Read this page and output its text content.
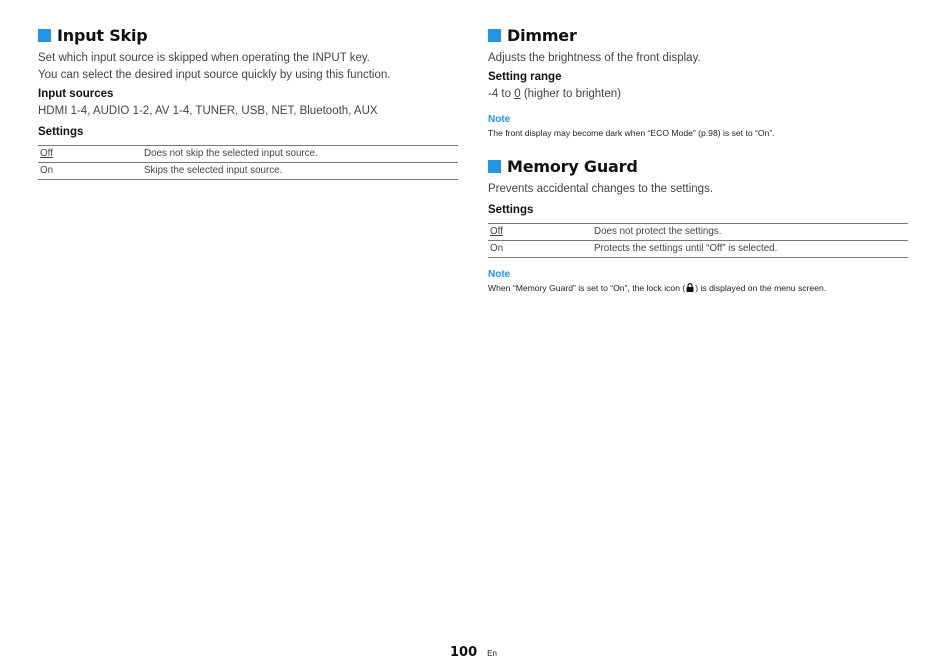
Input Skip

Set which input source is skipped when operating the INPUT key.

You can select the desired input source quickly by using this function.

Input sources

HDMI 1-4, AUDIO 1-2, AV 1-4, TUNER, USB, NET, Bluetooth, AUX

Settings
Off	Does not skip the selected input source.
On	Skips the selected input source.
Dimmer

Adjusts the brightness of the front display.

Setting range

-4 to 0 (higher to brighten)

Note

The front display may become dark when “ECO Mode” (p.98) is set to “On”.

Memory Guard

Prevents accidental changes to the settings.

Settings
Off	Does not protect the settings.
On	Protects the settings until “Off” is selected.
Note

When “Memory Guard” is set to “On”, the lock icon ( ) is displayed on the menu screen.

100 En
